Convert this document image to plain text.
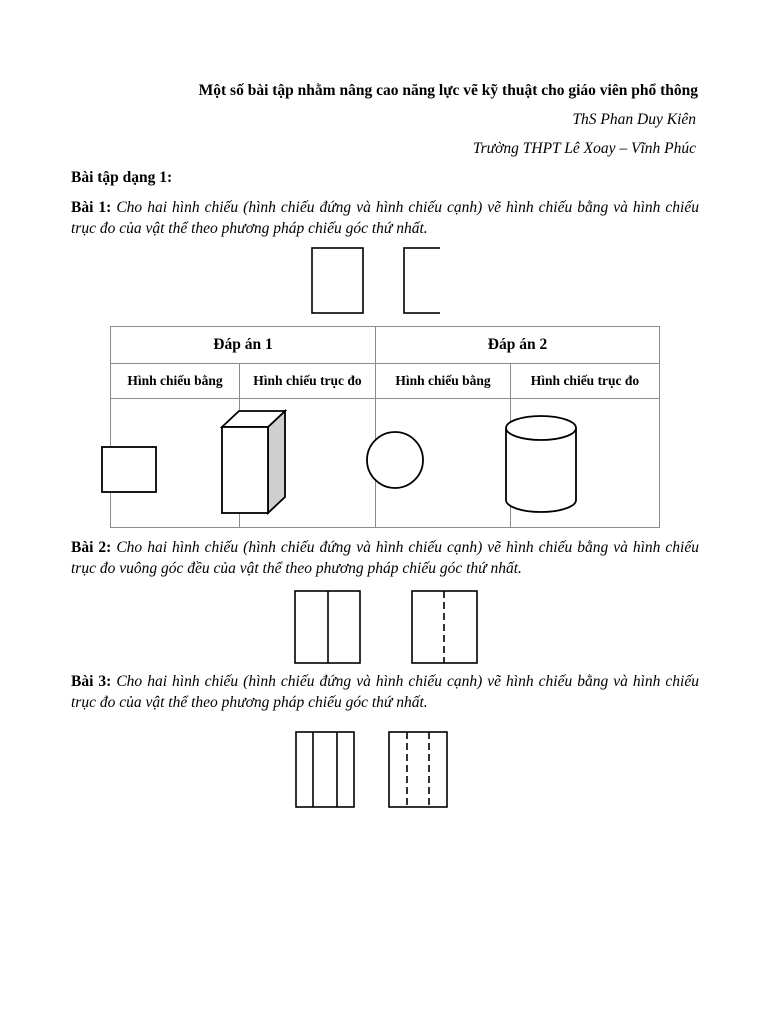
Một số bài tập nhằm nâng cao năng lực vẽ kỹ thuật cho giáo viên phổ thông
ThS Phan Duy Kiên
Trường THPT Lê Xoay – Vĩnh Phúc
Bài tập dạng 1:
Bài 1: Cho hai hình chiếu (hình chiếu đứng và hình chiếu cạnh) vẽ hình chiếu bằng và hình chiếu trục đo của vật thể theo phương pháp chiếu góc thứ nhất.
Đáp án 1		Đáp án 2	
Hình chiếu bằng	Hình chiếu trục đo	Hình chiếu bằng	Hình chiếu trục đo

Bài 2: Cho hai hình chiếu (hình chiếu đứng và hình chiếu cạnh) vẽ hình chiếu bằng và hình chiếu trục đo vuông góc đều của vật thể theo phương pháp chiếu góc thứ nhất.
Bài 3: Cho hai hình chiếu (hình chiếu đứng và hình chiếu cạnh) vẽ hình chiếu bằng và hình chiếu trục đo của vật thể theo phương pháp chiếu góc thứ nhất.
